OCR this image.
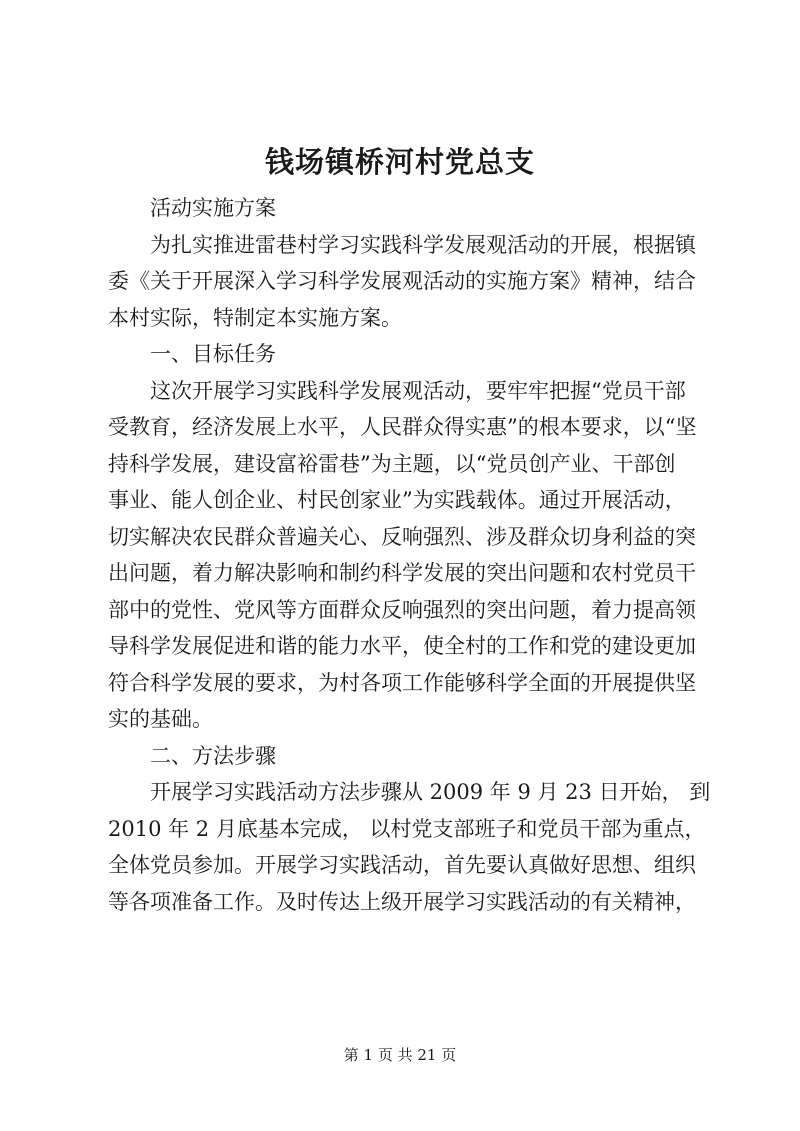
钱场镇桥河村党总支
活动实施方案
为扎实推进雷巷村学习实践科学发展观活动的开展，根据镇
委《关于开展深入学习科学发展观活动的实施方案》精神，结合
本村实际，特制定本实施方案。
一、目标任务
这次开展学习实践科学发展观活动，要牢牢把握“党员干部
受教育，经济发展上水平，人民群众得实惠”的根本要求，以“坚
持科学发展，建设富裕雷巷”为主题，以“党员创产业、干部创
事业、能人创企业、村民创家业”为实践载体。通过开展活动，
切实解决农民群众普遍关心、反响强烈、涉及群众切身利益的突
出问题，着力解决影响和制约科学发展的突出问题和农村党员干
部中的党性、党风等方面群众反响强烈的突出问题，着力提高领
导科学发展促进和谐的能力水平，使全村的工作和党的建设更加
符合科学发展的要求，为村各项工作能够科学全面的开展提供坚
实的基础。
二、方法步骤
开展学习实践活动方法步骤从 2009 年 9 月 23 日开始， 到
2010 年 2 月底基本完成， 以村党支部班子和党员干部为重点，
全体党员参加。开展学习实践活动，首先要认真做好思想、组织
等各项准备工作。及时传达上级开展学习实践活动的有关精神，
第 1 页 共 21 页
